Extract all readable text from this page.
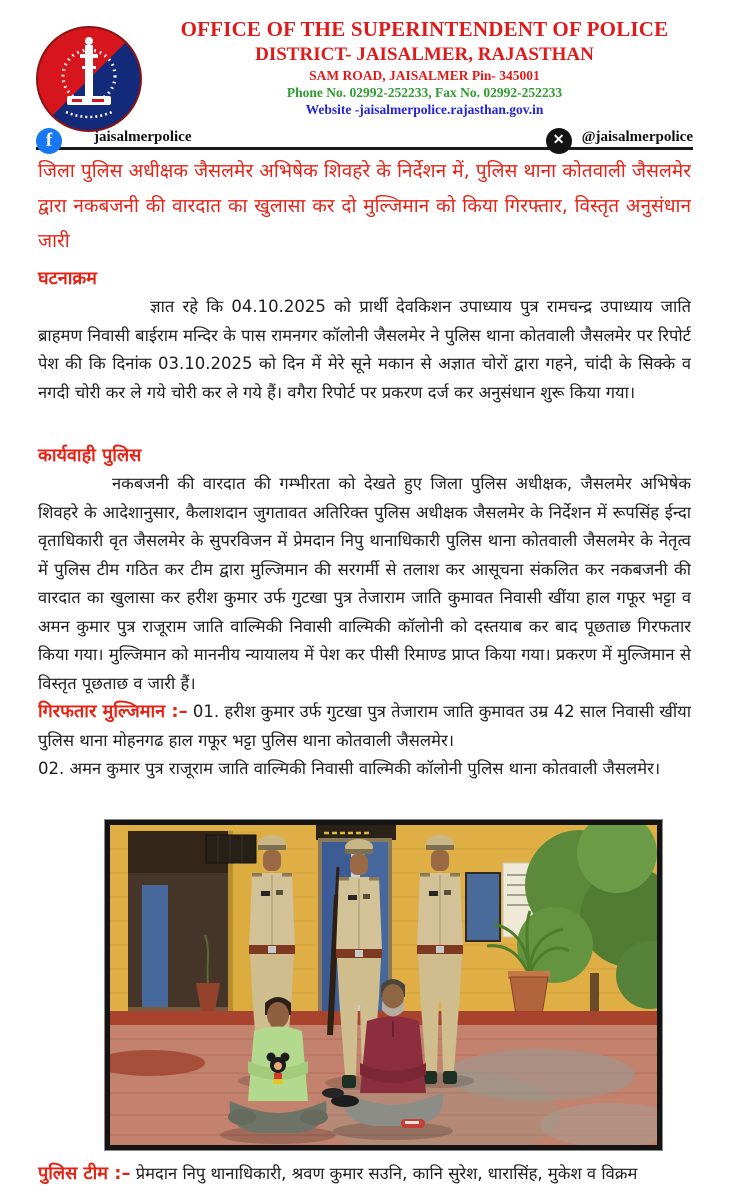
OFFICE OF THE SUPERINTENDENT OF POLICE
DISTRICT- JAISALMER, RAJASTHAN
SAM ROAD, JAISALMER Pin- 345001
Phone No. 02992-252233, Fax No. 02992-252233
Website -jaisalmerpolice.rajasthan.gov.in
f	jaisalmerpolice	✕	@jaisalmerpolice

जिला पुलिस अधीक्षक जैसलमेर अभिषेक शिवहरे के निर्देशन में, पुलिस थाना कोतवाली जैसलमेर द्वारा नकबजनी की वारदात का खुलासा कर दो मुल्जिमान को किया गिरफ्तार, विस्तृत अनुसंधान जारी

घटनाक्रम

ज्ञात रहे कि 04.10.2025 को प्रार्थी देवकिशन उपाध्याय पुत्र रामचन्द्र उपाध्याय जाति ब्राहमण निवासी बाईराम मन्दिर के पास रामनगर कॉलोनी जैसलमेर ने पुलिस थाना कोतवाली जैसलमेर पर रिपोर्ट पेश की कि दिनांक 03.10.2025 को दिन में मेरे सूने मकान से अज्ञात चोरों द्वारा गहने, चांदी के सिक्के व नगदी चोरी कर ले गये चोरी कर ले गये हैं। वगैरा रिपोर्ट पर प्रकरण दर्ज कर अनुसंधान शुरू किया गया।

कार्यवाही पुलिस

नकबजनी की वारदात की गम्भीरता को देखते हुए जिला पुलिस अधीक्षक, जैसलमेर अभिषेक शिवहरे के आदेशानुसार, कैलाशदान जुगतावत अतिरिक्त पुलिस अधीक्षक जैसलमेर के निर्देशन में रूपसिंह ईन्दा वृताधिकारी वृत जैसलमेर के सुपरविजन में प्रेमदान निपु थानाधिकारी पुलिस थाना कोतवाली जैसलमेर के नेतृत्व में पुलिस टीम गठित कर टीम द्वारा मुल्जिमान की सरगर्मी से तलाश कर आसूचना संकलित कर नकबजनी की वारदात का खुलासा कर हरीश कुमार उर्फ गुटखा पुत्र तेजाराम जाति कुमावत निवासी खींया हाल गफूर भट्टा व अमन कुमार पुत्र राजूराम जाति वाल्मिकी निवासी वाल्मिकी कॉलोनी को दस्तयाब कर बाद पूछताछ गिरफतार किया गया। मुल्जिमान को माननीय न्यायालय में पेश कर पीसी रिमाण्ड प्राप्त किया गया। प्रकरण में मुल्जिमान से विस्तृत पूछताछ व जारी हैं।

गिरफतार मुल्जिमान :– 01. हरीश कुमार उर्फ गुटखा पुत्र तेजाराम जाति कुमावत उम्र 42 साल निवासी खींया पुलिस थाना मोहनगढ हाल गफूर भट्टा पुलिस थाना कोतवाली जैसलमेर।

02. अमन कुमार पुत्र राजूराम जाति वाल्मिकी निवासी वाल्मिकी कॉलोनी पुलिस थाना कोतवाली जैसलमेर।

पुलिस टीम :– प्रेमदान निपु थानाधिकारी, श्रवण कुमार सउनि, कानि सुरेश, धारासिंह, मुकेश व विक्रम
